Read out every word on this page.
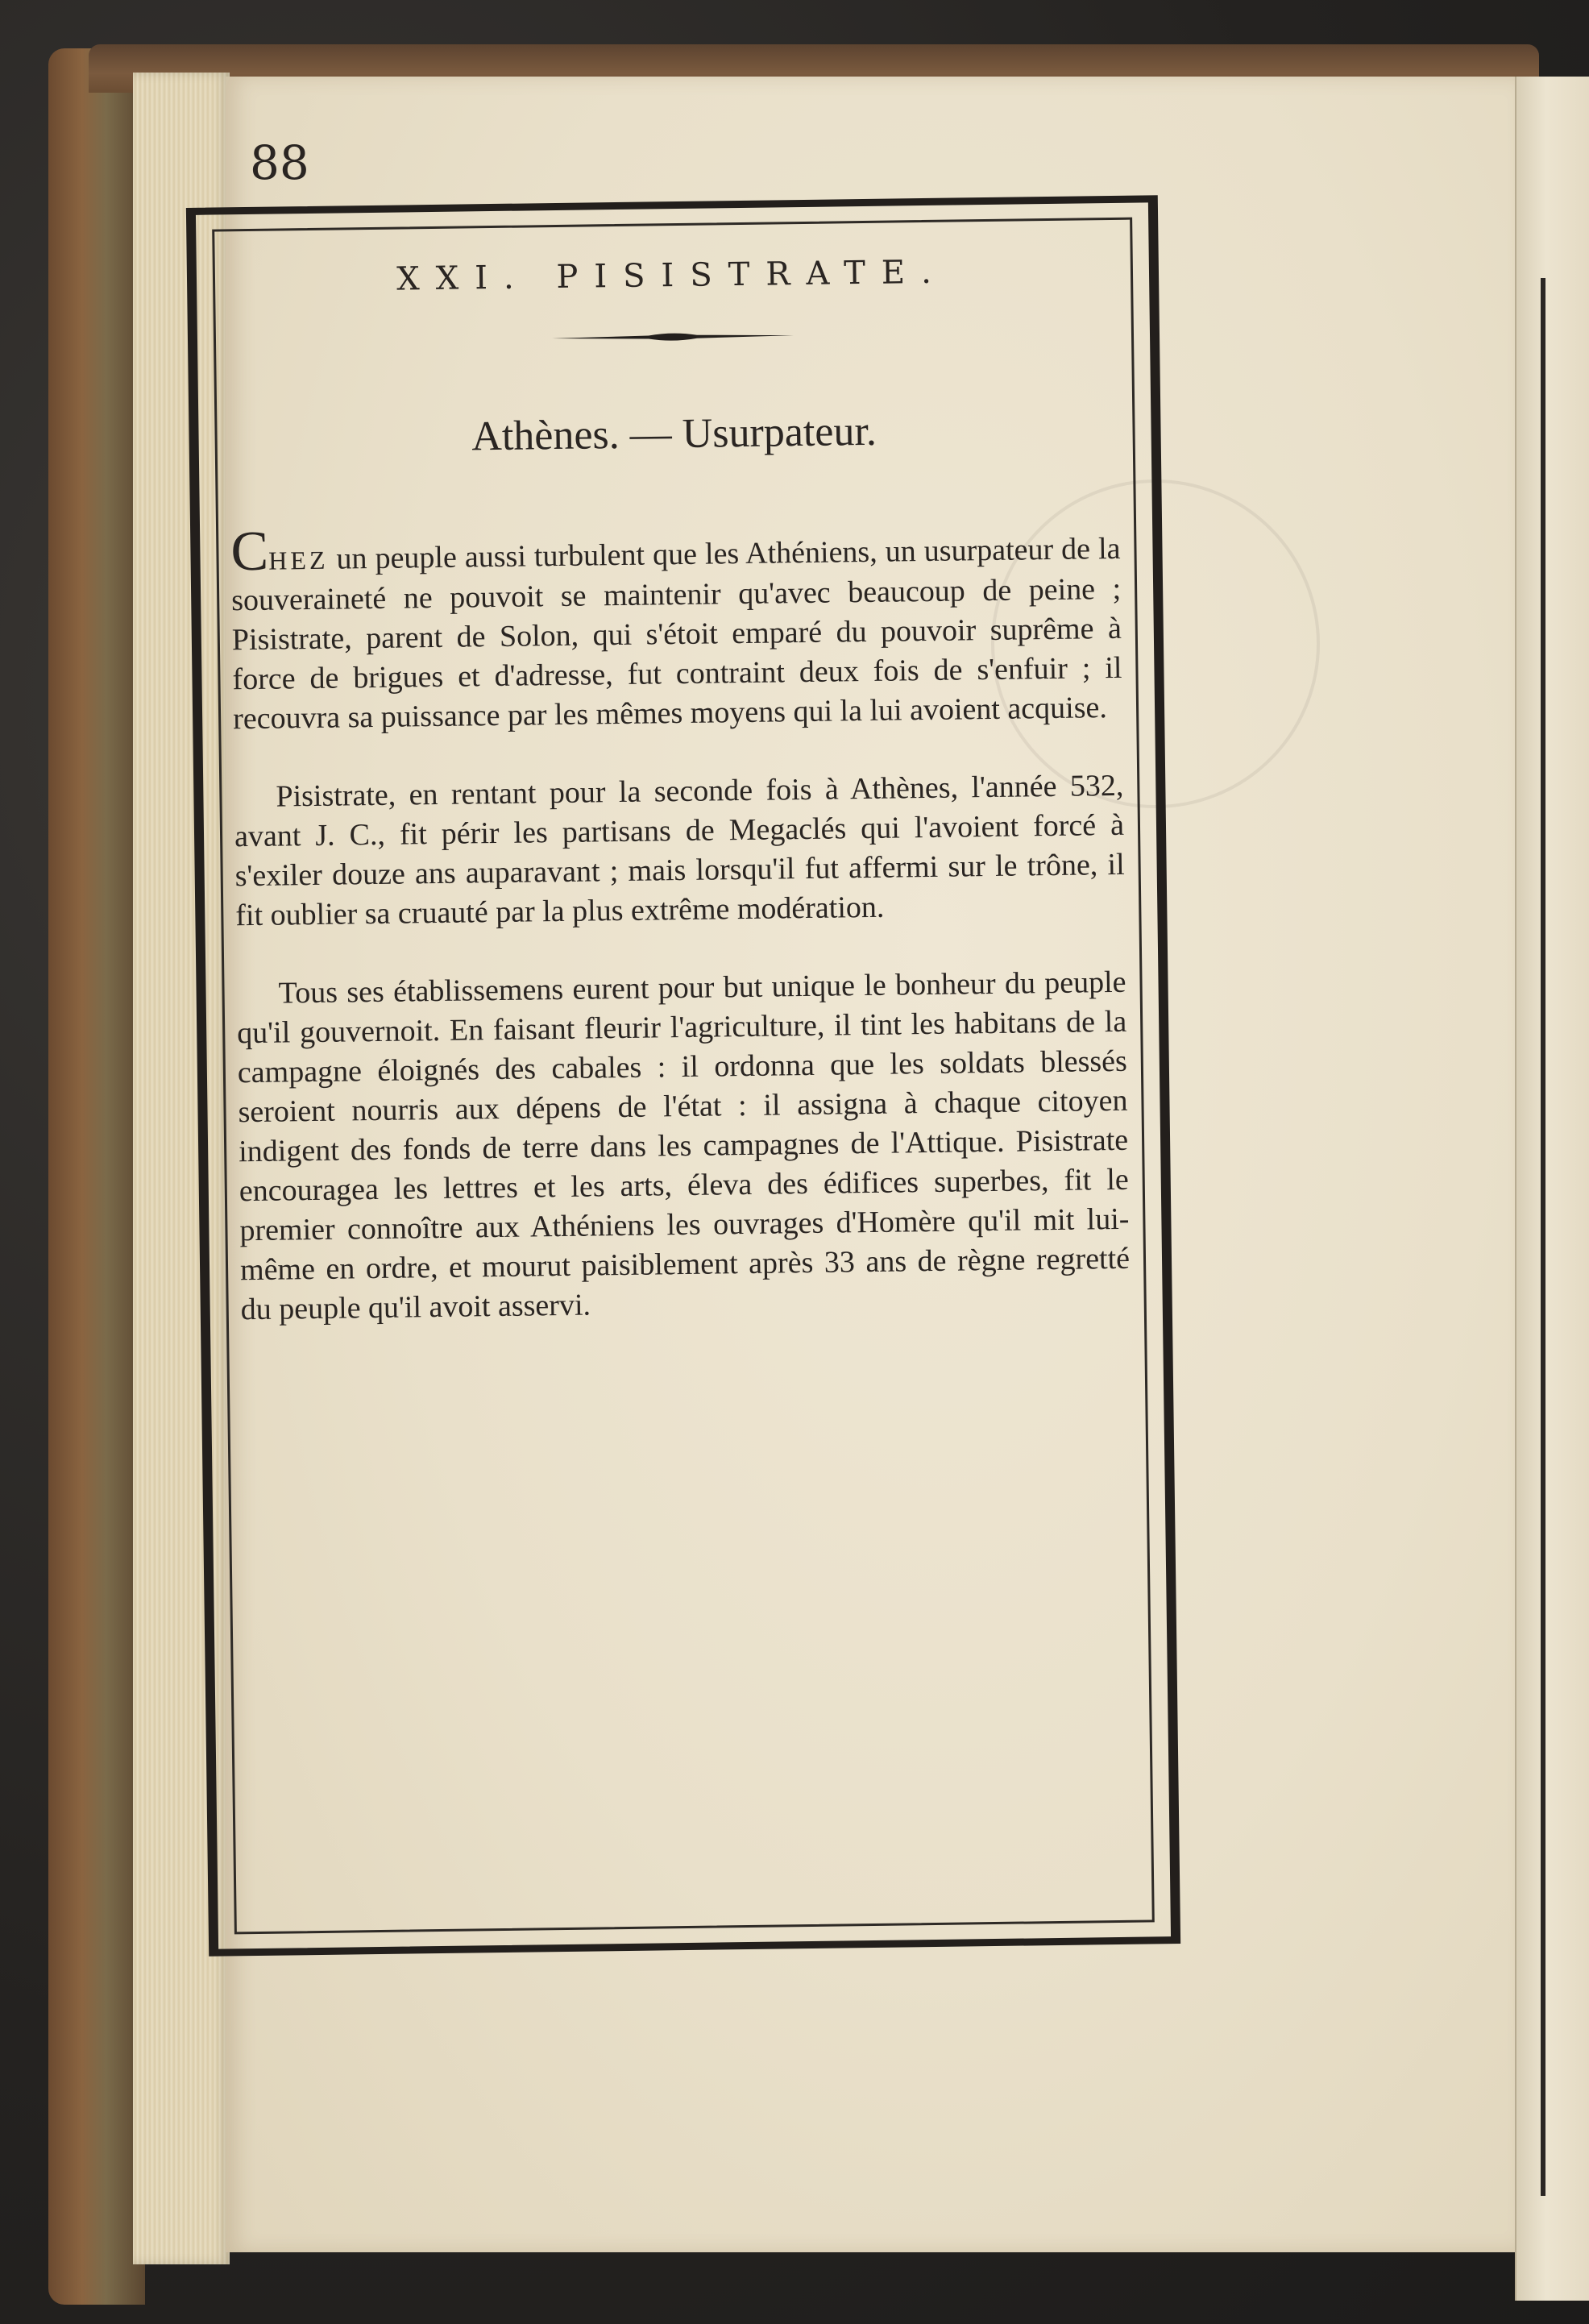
88

XXI. PISISTRATE.
Athènes. — Usurpateur.

CHEZ un peuple aussi turbulent que les Athéniens, un usurpateur de la souveraineté ne pouvoit se maintenir qu'avec beaucoup de peine ; Pisistrate, parent de Solon, qui s'étoit emparé du pouvoir suprême à force de brigues et d'adresse, fut contraint deux fois de s'enfuir ; il recouvra sa puissance par les mêmes moyens qui la lui avoient acquise.

Pisistrate, en rentant pour la seconde fois à Athènes, l'année 532, avant J. C., fit périr les partisans de Megaclés qui l'avoient forcé à s'exiler douze ans auparavant ; mais lorsqu'il fut affermi sur le trône, il fit oublier sa cruauté par la plus extrême modération.

Tous ses établissemens eurent pour but unique le bonheur du peuple qu'il gouvernoit. En faisant fleurir l'agriculture, il tint les habitans de la campagne éloignés des cabales : il ordonna que les soldats blessés seroient nourris aux dépens de l'état : il assigna à chaque citoyen indigent des fonds de terre dans les campagnes de l'Attique. Pisistrate encouragea les lettres et les arts, éleva des édifices superbes, fit le premier connoître aux Athéniens les ouvrages d'Homère qu'il mit lui-même en ordre, et mourut paisiblement après 33 ans de règne regretté du peuple qu'il avoit asservi.
